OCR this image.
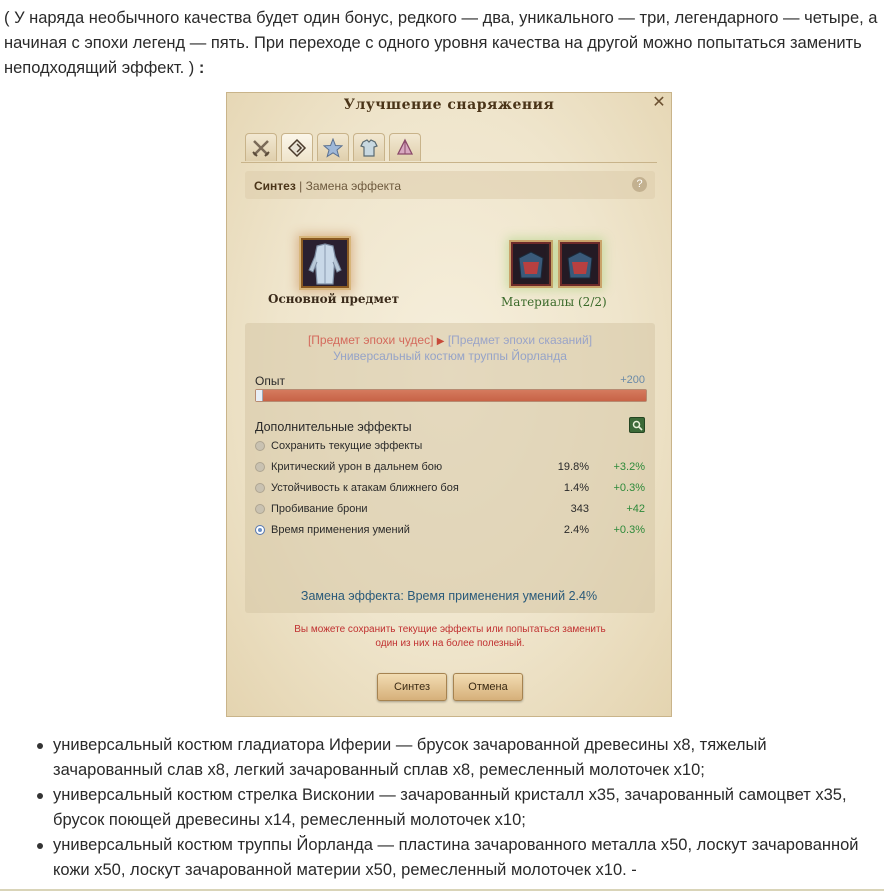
( У наряда необычного качества будет один бонус, редкого — два, уникального — три, легендарного — четыре, а начиная с эпохи легенд — пять. При переходе с одного уровня качества на другой можно попытаться заменить неподходящий эффект. ) :
Улучшение снаряжения	✕
Синтез | Замена эффекта	?
Основной предмет	Материалы (2/2)
[Предмет эпохи чудес] ▶ [Предмет эпохи сказаний]
Универсальный костюм труппы Йорланда
Опыт	+200
Дополнительные эффекты
Сохранить текущие эффекты
Критический урон в дальнем бою	19.8%	+3.2%
Устойчивость к атакам ближнего боя	1.4%	+0.3%
Пробивание брони	343	+42
Время применения умений	2.4%	+0.3%
Замена эффекта: Время применения умений 2.4%
Вы можете сохранить текущие эффекты или попытаться заменить один из них на более полезный.
Синтез	Отмена
универсальный костюм гладиатора Иферии — брусок зачарованной древесины х8, тяжелый зачарованный слав х8, легкий зачарованный сплав х8, ремесленный молоточек х10;
универсальный костюм стрелка Висконии — зачарованный кристалл х35, зачарованный самоцвет х35, брусок поющей древесины х14, ремесленный молоточек х10;
универсальный костюм труппы Йорланда — пластина зачарованного металла х50, лоскут зачарованной кожи х50, лоскут зачарованной материи х50, ремесленный молоточек х10. -
